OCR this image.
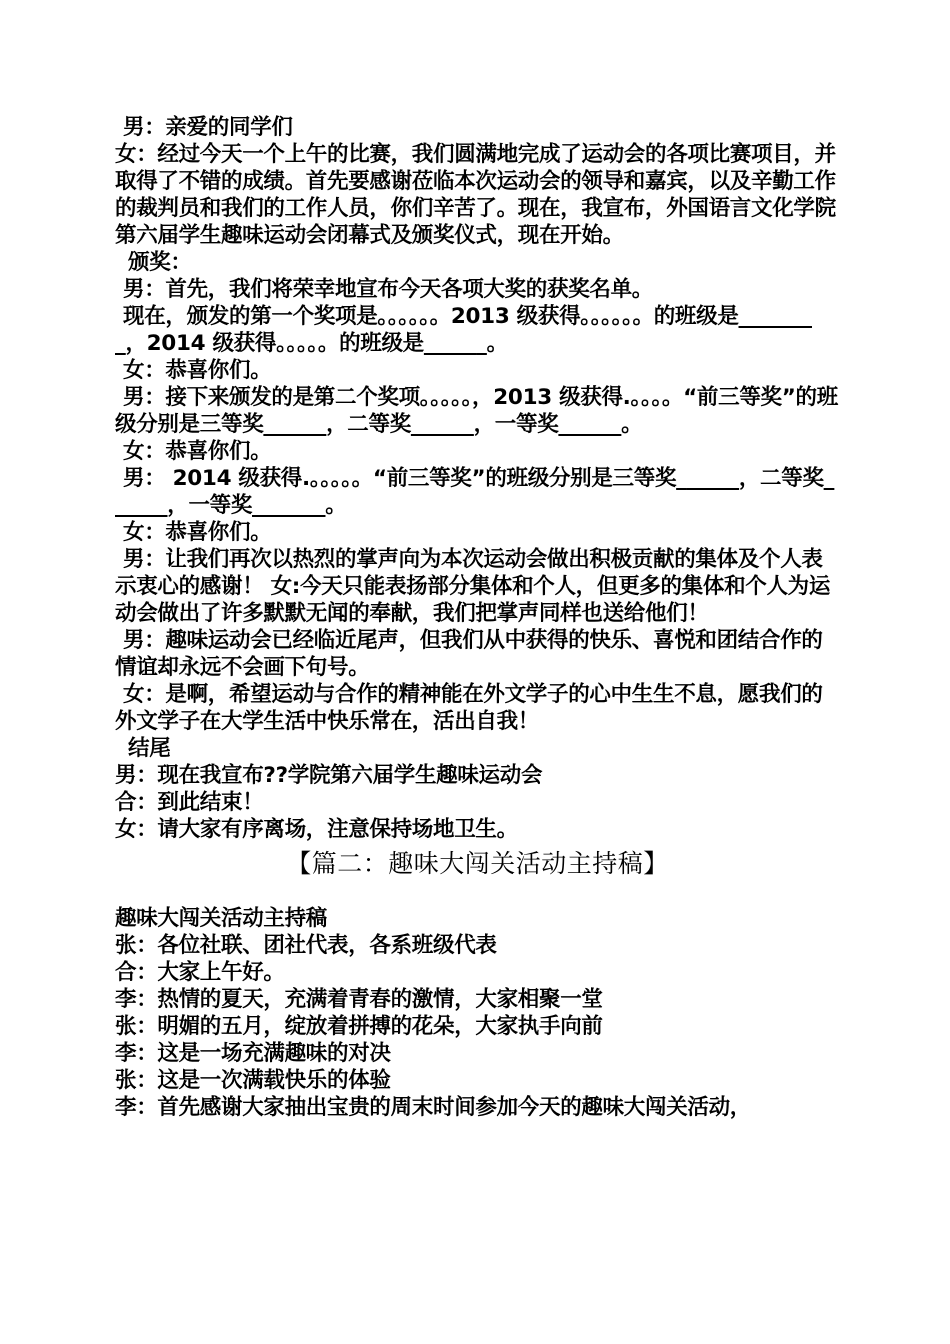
男：亲爱的同学们

女：经过今天一个上午的比赛，我们圆满地完成了运动会的各项比赛项目，并取得了不错的成绩。首先要感谢莅临本次运动会的领导和嘉宾，以及辛勤工作的裁判员和我们的工作人员，你们辛苦了。现在，我宣布，外国语言文化学院第六届学生趣味运动会闭幕式及颁奖仪式，现在开始。

颁奖：

男：首先，我们将荣幸地宣布今天各项大奖的获奖名单。

现在，颁发的第一个奖项是。。。。。。2013 级获得。。。。。。的班级是________，2014 级获得。。。。。的班级是______。

女：恭喜你们。

男：接下来颁发的是第二个奖项。。。。。，2013 级获得.。。。。“前三等奖”的班级分别是三等奖______，二等奖______，一等奖______。

女：恭喜你们。

男： 2014 级获得.。。。。。“前三等奖”的班级分别是三等奖______，二等奖______，一等奖_______。

女：恭喜你们。

男：让我们再次以热烈的掌声向为本次运动会做出积极贡献的集体及个人表示衷心的感谢！ 女:今天只能表扬部分集体和个人，但更多的集体和个人为运动会做出了许多默默无闻的奉献，我们把掌声同样也送给他们！

男：趣味运动会已经临近尾声，但我们从中获得的快乐、喜悦和团结合作的情谊却永远不会画下句号。

女：是啊，希望运动与合作的精神能在外文学子的心中生生不息，愿我们的外文学子在大学生活中快乐常在，活出自我！

结尾

男：现在我宣布??学院第六届学生趣味运动会

合：到此结束！

女：请大家有序离场，注意保持场地卫生。

【篇二：趣味大闯关活动主持稿】

趣味大闯关活动主持稿

张：各位社联、团社代表，各系班级代表

合：大家上午好。

李：热情的夏天，充满着青春的激情，大家相聚一堂

张：明媚的五月，绽放着拼搏的花朵，大家执手向前

李：这是一场充满趣味的对决

张：这是一次满载快乐的体验

李：首先感谢大家抽出宝贵的周末时间参加今天的趣味大闯关活动，
